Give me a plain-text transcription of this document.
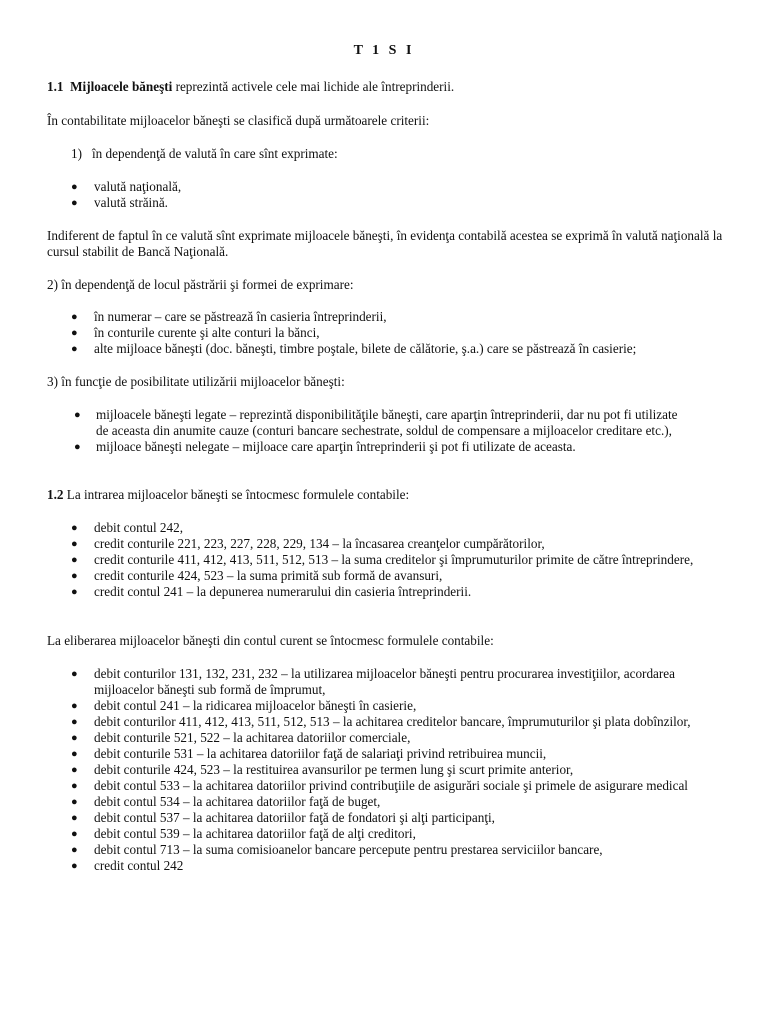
T 1 S I

1.1 Mijloacele băneşti reprezintă activele cele mai lichide ale întreprinderii.

În contabilitate mijloacelor băneşti se clasifică după următoarele criterii:

1) în dependenţă de valută în care sînt exprimate:

● valută naţională,
● valută străină.

Indiferent de faptul în ce valută sînt exprimate mijloacele băneşti, în evidenţa contabilă acestea se exprimă în valută naţională la cursul stabilit de Bancă Naţională.

2) în dependenţă de locul păstrării şi formei de exprimare:

● în numerar – care se păstrează în casieria întreprinderii,
● în conturile curente şi alte conturi la bănci,
● alte mijloace băneşti (doc. băneşti, timbre poştale, bilete de călătorie, ş.a.) care se păstrează în casierie;

3) în funcţie de posibilitate utilizării mijloacelor băneşti:

● mijloacele băneşti legate – reprezintă disponibilităţile băneşti, care aparţin întreprinderii, dar nu pot fi utilizate de aceasta din anumite cauze (conturi bancare sechestrate, soldul de compensare a mijloacelor creditare etc.),
● mijloace băneşti nelegate – mijloace care aparţin întreprinderii şi pot fi utilizate de aceasta.

1.2 La intrarea mijloacelor băneşti se întocmesc formulele contabile:

● debit contul 242,
● credit conturile 221, 223, 227, 228, 229, 134 – la încasarea creanţelor cumpărătorilor,
● credit conturile 411, 412, 413, 511, 512, 513 – la suma creditelor şi împrumuturilor primite de către întreprindere,
● credit conturile 424, 523 – la suma primită sub formă de avansuri,
● credit contul 241 – la depunerea numerarului din casieria întreprinderii.

La eliberarea mijloacelor băneşti din contul curent se întocmesc formulele contabile:

● debit conturilor 131, 132, 231, 232 – la utilizarea mijloacelor băneşti pentru procurarea investiţiilor, acordarea mijloacelor băneşti sub formă de împrumut,
● debit contul 241 – la ridicarea mijloacelor băneşti în casierie,
● debit conturilor 411, 412, 413, 511, 512, 513 – la achitarea creditelor bancare, împrumuturilor şi plata dobînzilor,
● debit conturile 521, 522 – la achitarea datoriilor comerciale,
● debit conturile 531 – la achitarea datoriilor faţă de salariaţi privind retribuirea muncii,
● debit conturile 424, 523 – la restituirea avansurilor pe termen lung şi scurt primite anterior,
● debit contul 533 – la achitarea datoriilor privind contribuţiile de asigurări sociale şi primele de asigurare medical
● debit contul 534 – la achitarea datoriilor faţă de buget,
● debit contul 537 – la achitarea datoriilor faţă de fondatori şi alţi participanţi,
● debit contul 539 – la achitarea datoriilor faţă de alţi creditori,
● debit contul 713 – la suma comisioanelor bancare percepute pentru prestarea serviciilor bancare,
● credit contul 242
